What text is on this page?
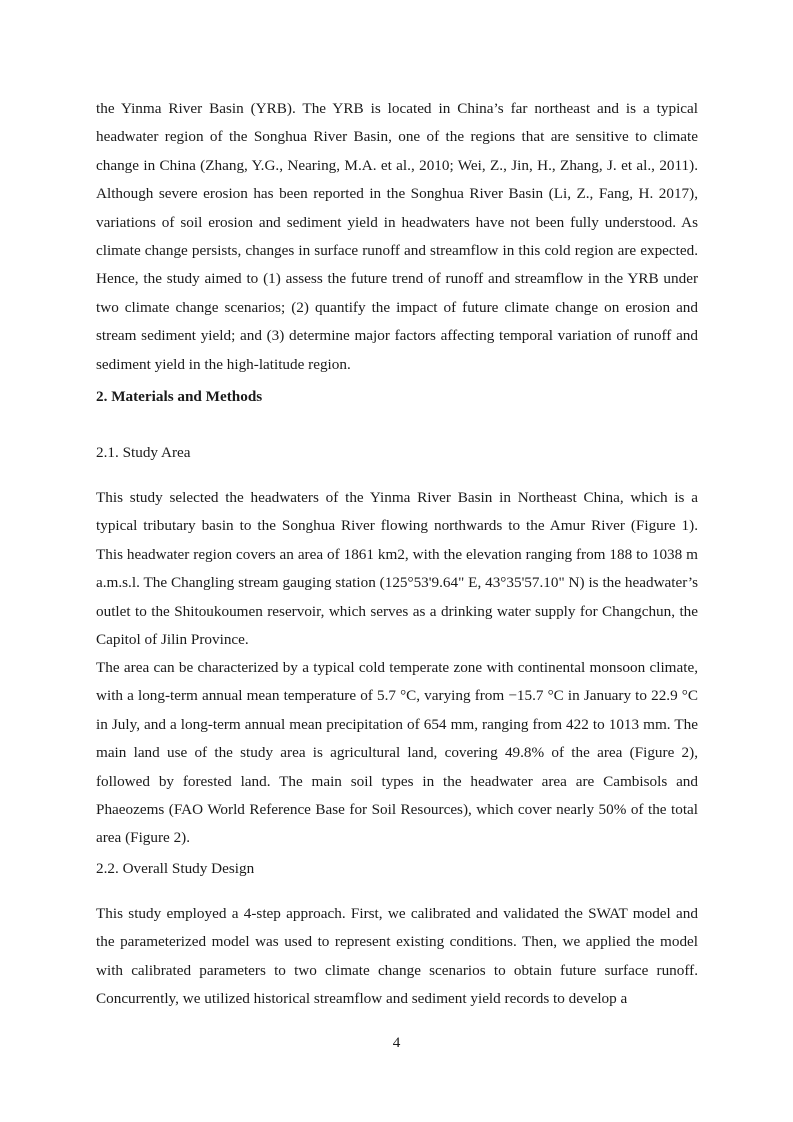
the Yinma River Basin (YRB). The YRB is located in China’s far northeast and is a typical headwater region of the Songhua River Basin, one of the regions that are sensitive to climate change in China (Zhang, Y.G., Nearing, M.A. et al., 2010; Wei, Z., Jin, H., Zhang, J. et al., 2011). Although severe erosion has been reported in the Songhua River Basin (Li, Z., Fang, H. 2017), variations of soil erosion and sediment yield in headwaters have not been fully understood. As climate change persists, changes in surface runoff and streamflow in this cold region are expected. Hence, the study aimed to (1) assess the future trend of runoff and streamflow in the YRB under two climate change scenarios; (2) quantify the impact of future climate change on erosion and stream sediment yield; and (3) determine major factors affecting temporal variation of runoff and sediment yield in the high-latitude region.

2. Materials and Methods
2.1. Study Area

This study selected the headwaters of the Yinma River Basin in Northeast China, which is a typical tributary basin to the Songhua River flowing northwards to the Amur River (Figure 1). This headwater region covers an area of 1861 km2, with the elevation ranging from 188 to 1038 m a.m.s.l. The Changling stream gauging station (125°53'9.64" E, 43°35'57.10" N) is the headwater’s outlet to the Shitoukoumen reservoir, which serves as a drinking water supply for Changchun, the Capitol of Jilin Province.

The area can be characterized by a typical cold temperate zone with continental monsoon climate, with a long-term annual mean temperature of 5.7 °C, varying from −15.7 °C in January to 22.9 °C in July, and a long-term annual mean precipitation of 654 mm, ranging from 422 to 1013 mm. The main land use of the study area is agricultural land, covering 49.8% of the area (Figure 2), followed by forested land. The main soil types in the headwater area are Cambisols and Phaeozems (FAO World Reference Base for Soil Resources), which cover nearly 50% of the total area (Figure 2).

2.2. Overall Study Design

This study employed a 4-step approach. First, we calibrated and validated the SWAT model and the parameterized model was used to represent existing conditions. Then, we applied the model with calibrated parameters to two climate change scenarios to obtain future surface runoff. Concurrently, we utilized historical streamflow and sediment yield records to develop a

4
